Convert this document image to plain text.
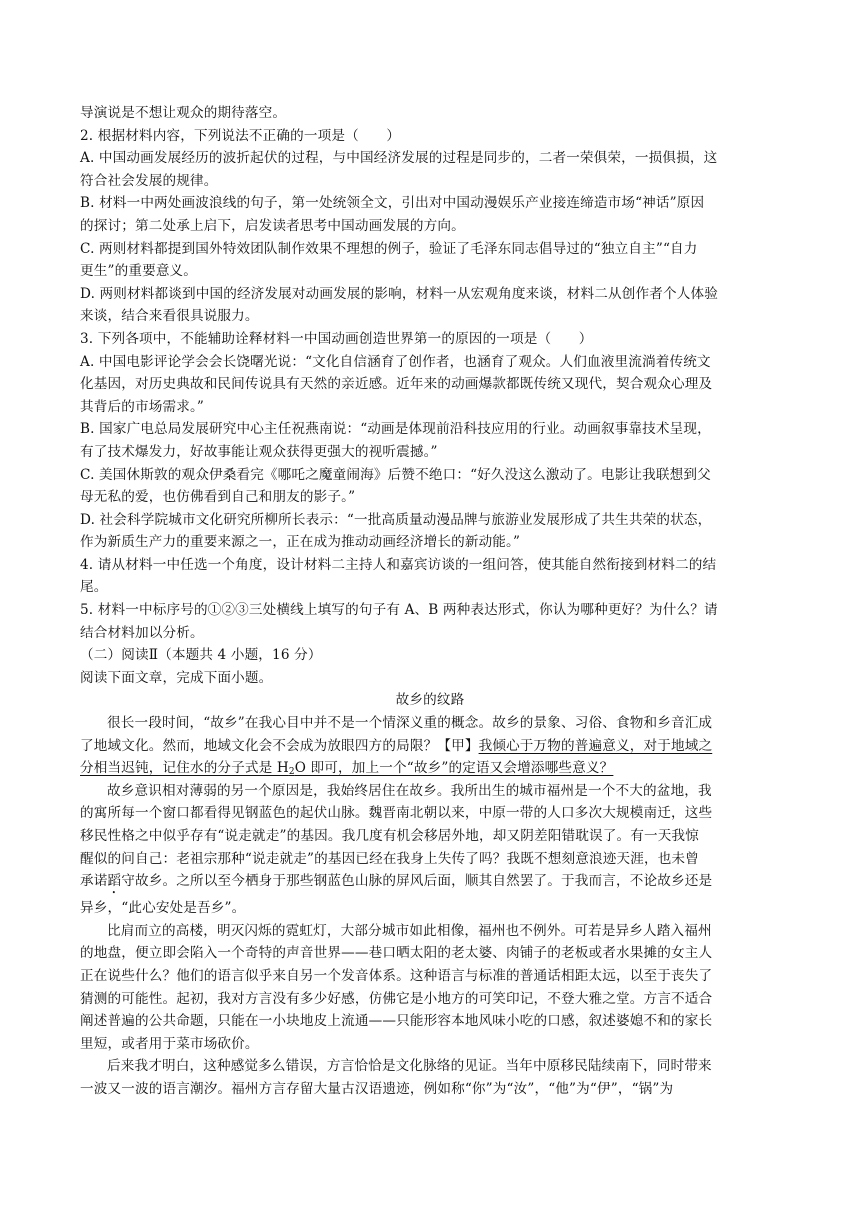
导演说是不想让观众的期待落空。

2. 根据材料内容，下列说法不正确的一项是（　　）

A. 中国动画发展经历的波折起伏的过程，与中国经济发展的过程是同步的，二者一荣俱荣，一损俱损，这

符合社会发展的规律。

B. 材料一中两处画波浪线的句子，第一处统领全文，引出对中国动漫娱乐产业接连缔造市场“神话”原因

的探讨；第二处承上启下，启发读者思考中国动画发展的方向。

C. 两则材料都提到国外特效团队制作效果不理想的例子，验证了毛泽东同志倡导过的“独立自主”“自力

更生”的重要意义。

D. 两则材料都谈到中国的经济发展对动画发展的影响，材料一从宏观角度来谈，材料二从创作者个人体验

来谈，结合来看很具说服力。

3. 下列各项中，不能辅助诠释材料一中国动画创造世界第一的原因的一项是（　　）

A. 中国电影评论学会会长饶曙光说：“文化自信涵育了创作者，也涵育了观众。人们血液里流淌着传统文

化基因，对历史典故和民间传说具有天然的亲近感。近年来的动画爆款都既传统又现代，契合观众心理及

其背后的市场需求。”

B. 国家广电总局发展研究中心主任祝燕南说：“动画是体现前沿科技应用的行业。动画叙事靠技术呈现，

有了技术爆发力，好故事能让观众获得更强大的视听震撼。”

C. 美国休斯敦的观众伊桑看完《哪吒之魔童闹海》后赞不绝口：“好久没这么激动了。电影让我联想到父

母无私的爱，也仿佛看到自己和朋友的影子。”

D. 社会科学院城市文化研究所柳所长表示：“一批高质量动漫品牌与旅游业发展形成了共生共荣的状态，

作为新质生产力的重要来源之一，正在成为推动动画经济增长的新动能。”

4. 请从材料一中任选一个角度，设计材料二主持人和嘉宾访谈的一组问答，使其能自然衔接到材料二的结

尾。

5. 材料一中标序号的①②③三处横线上填写的句子有 A、B 两种表达形式，你认为哪种更好？为什么？请

结合材料加以分析。

（二）阅读Ⅱ（本题共 4 小题，16 分）

阅读下面文章，完成下面小题。

故乡的纹路

很长一段时间，“故乡”在我心目中并不是一个情深义重的概念。故乡的景象、习俗、食物和乡音汇成

了地域文化。然而，地域文化会不会成为放眼四方的局限？【甲】我倾心于万物的普遍意义，对于地域之

分相当迟钝，记住水的分子式是 $H_2O$ 即可，加上一个“故乡”的定语又会增添哪些意义？

故乡意识相对薄弱的另一个原因是，我始终居住在故乡。我所出生的城市福州是一个不大的盆地，我

的寓所每一个窗口都看得见钢蓝色的起伏山脉。魏晋南北朝以来，中原一带的人口多次大规模南迁，这些

移民性格之中似乎存有“说走就走”的基因。我几度有机会移居外地，却又阴差阳错耽误了。有一天我惊

醒似的问自己：老祖宗那种“说走就走”的基因已经在我身上失传了吗？我既不想刻意浪迹天涯，也未曾

承诺蹈守故乡。之所以至今栖身于那些钢蓝色山脉的屏风后面，顺其自然罢了。于我而言，不论故乡还是

异乡，“此心安处是吾乡”。

比肩而立的高楼，明灭闪烁的霓虹灯，大部分城市如此相像，福州也不例外。可若是异乡人踏入福州

的地盘，便立即会陷入一个奇特的声音世界——巷口晒太阳的老太婆、肉铺子的老板或者水果摊的女主人

正在说些什么？他们的语言似乎来自另一个发音体系。这种语言与标准的普通话相距太远，以至于丧失了

猜测的可能性。起初，我对方言没有多少好感，仿佛它是小地方的可笑印记，不登大雅之堂。方言不适合

阐述普遍的公共命题，只能在一小块地皮上流通——只能形容本地风味小吃的口感，叙述婆媳不和的家长

里短，或者用于菜市场砍价。

后来我才明白，这种感觉多么错误，方言恰恰是文化脉络的见证。当年中原移民陆续南下，同时带来

一波又一波的语言潮汐。福州方言存留大量古汉语遗迹，例如称“你”为“汝”，“他”为“伊”，“锅”为
